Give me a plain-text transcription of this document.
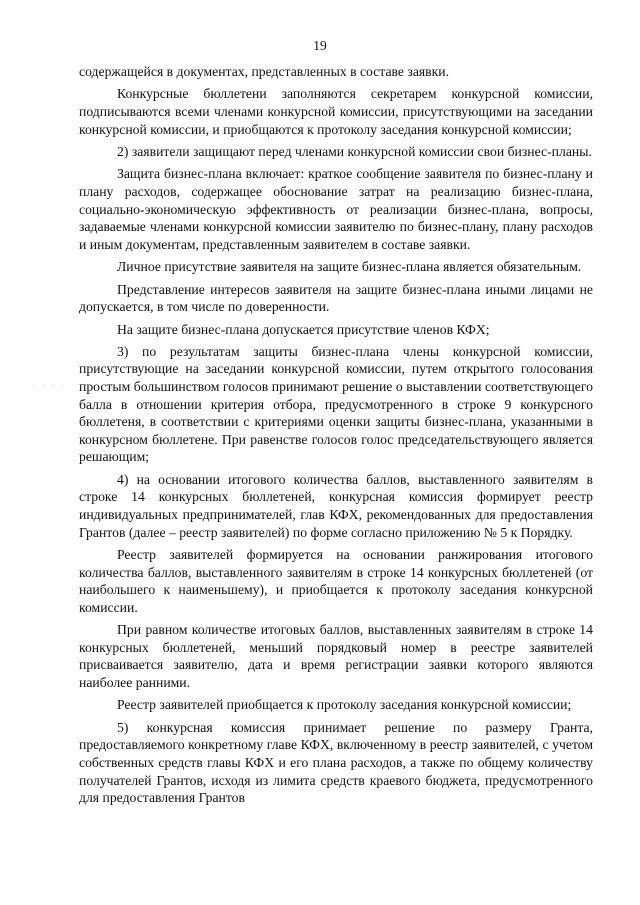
19
· · · ·

содержащейся в документах, представленных в составе заявки.

Конкурсные бюллетени заполняются секретарем конкурсной комиссии, подписываются всеми членами конкурсной комиссии, присутствующими на заседании конкурсной комиссии, и приобщаются к протоколу заседания конкурсной комиссии;

2) заявители защищают перед членами конкурсной комиссии свои бизнес-планы.

Защита бизнес-плана включает: краткое сообщение заявителя по бизнес-плану и плану расходов, содержащее обоснование затрат на реализацию бизнес-плана, социально-экономическую эффективность от реализации бизнес-плана, вопросы, задаваемые членами конкурсной комиссии заявителю по бизнес-плану, плану расходов и иным документам, представленным заявителем в составе заявки.

Личное присутствие заявителя на защите бизнес-плана является обязательным.

Представление интересов заявителя на защите бизнес-плана иными лицами не допускается, в том числе по доверенности.

На защите бизнес-плана допускается присутствие членов КФХ;

3) по результатам защиты бизнес-плана члены конкурсной комиссии, присутствующие на заседании конкурсной комиссии, путем открытого голосования простым большинством голосов принимают решение о выставлении соответствующего балла в отношении критерия отбора, предусмотренного в строке 9 конкурсного бюллетеня, в соответствии с критериями оценки защиты бизнес-плана, указанными в конкурсном бюллетене. При равенстве голосов голос председательствующего является решающим;

4) на основании итогового количества баллов, выставленного заявителям в строке 14 конкурсных бюллетеней, конкурсная комиссия формирует реестр индивидуальных предпринимателей, глав КФХ, рекомендованных для предоставления Грантов (далее – реестр заявителей) по форме согласно приложению № 5 к Порядку.

Реестр заявителей формируется на основании ранжирования итогового количества баллов, выставленного заявителям в строке 14 конкурсных бюллетеней (от наибольшего к наименьшему), и приобщается к протоколу заседания конкурсной комиссии.

При равном количестве итоговых баллов, выставленных заявителям в строке 14 конкурсных бюллетеней, меньший порядковый номер в реестре заявителей присваивается заявителю, дата и время регистрации заявки которого являются наиболее ранними.

Реестр заявителей приобщается к протоколу заседания конкурсной комиссии;

5) конкурсная комиссия принимает решение по размеру Гранта, предоставляемого конкретному главе КФХ, включенному в реестр заявителей, с учетом собственных средств главы КФХ и его плана расходов, а также по общему количеству получателей Грантов, исходя из лимита средств краевого бюджета, предусмотренного для предоставления Грантов
